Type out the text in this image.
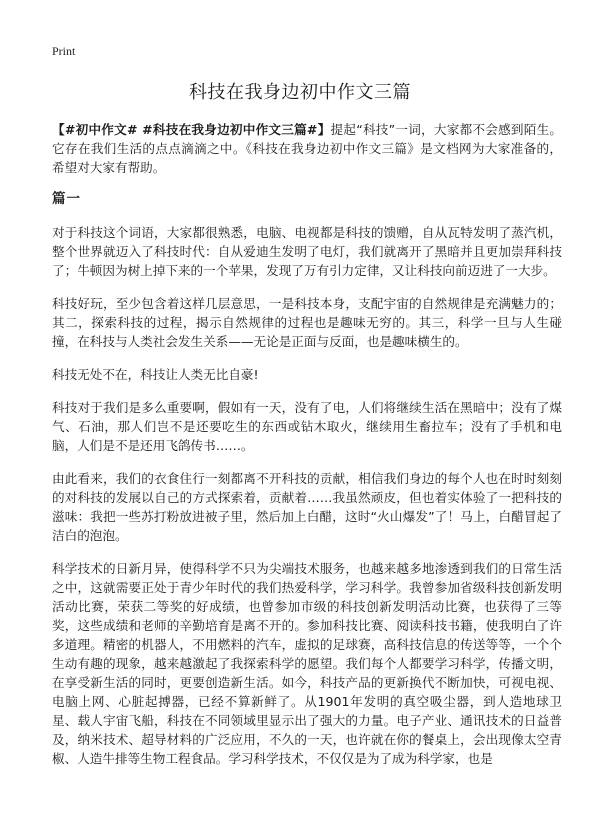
Print
科技在我身边初中作文三篇

【#初中作文# #科技在我身边初中作文三篇#】提起“科技”一词，大家都不会感到陌生。它存在我们生活的点点滴滴之中。《科技在我身边初中作文三篇》是文档网为大家准备的，希望对大家有帮助。

篇一

对于科技这个词语，大家都很熟悉，电脑、电视都是科技的馈赠，自从瓦特发明了蒸汽机，整个世界就迈入了科技时代：自从爱迪生发明了电灯，我们就离开了黑暗并且更加崇拜科技了；牛顿因为树上掉下来的一个苹果，发现了万有引力定律，又让科技向前迈进了一大步。

科技好玩，至少包含着这样几层意思，一是科技本身，支配宇宙的自然规律是充满魅力的；其二，探索科技的过程，揭示自然规律的过程也是趣味无穷的。其三，科学一旦与人生碰撞，在科技与人类社会发生关系——无论是正面与反面，也是趣味横生的。

科技无处不在，科技让人类无比自豪!

科技对于我们是多么重要啊，假如有一天，没有了电，人们将继续生活在黑暗中；没有了煤气、石油，那人们岂不是还要吃生的东西或钻木取火，继续用生畜拉车；没有了手机和电脑，人们是不是还用飞鸽传书……。

由此看来，我们的衣食住行一刻都离不开科技的贡献，相信我们身边的每个人也在时时刻刻的对科技的发展以自己的方式探索着，贡献着……我虽然顽皮，但也着实体验了一把科技的滋味：我把一些苏打粉放进被子里，然后加上白醋，这时“火山爆发”了！马上，白醋冒起了洁白的泡泡。

科学技术的日新月异，使得科学不只为尖端技术服务，也越来越多地渗透到我们的日常生活之中，这就需要正处于青少年时代的我们热爱科学，学习科学。我曾参加省级科技创新发明活动比赛，荣获二等奖的好成绩，也曾参加市级的科技创新发明活动比赛，也获得了三等奖，这些成绩和老师的辛勤培育是离不开的。参加科技比赛、阅读科技书籍，使我明白了许多道理。精密的机器人，不用燃料的汽车，虚拟的足球赛，高科技信息的传送等等，一个个生动有趣的现象，越来越激起了我探索科学的愿望。我们每个人都要学习科学，传播文明，在享受新生活的同时，更要创造新生活。如今，科技产品的更新换代不断加快，可视电视、电脑上网、心脏起搏器，已经不算新鲜了。从1901年发明的真空吸尘器，到人造地球卫星、载人宇宙飞船，科技在不同领域里显示出了强大的力量。电子产业、通讯技术的日益普及，纳米技术、超导材料的广泛应用，不久的一天，也许就在你的餐桌上，会出现像太空青椒、人造牛排等生物工程食品。学习科学技术，不仅仅是为了成为科学家，也是
